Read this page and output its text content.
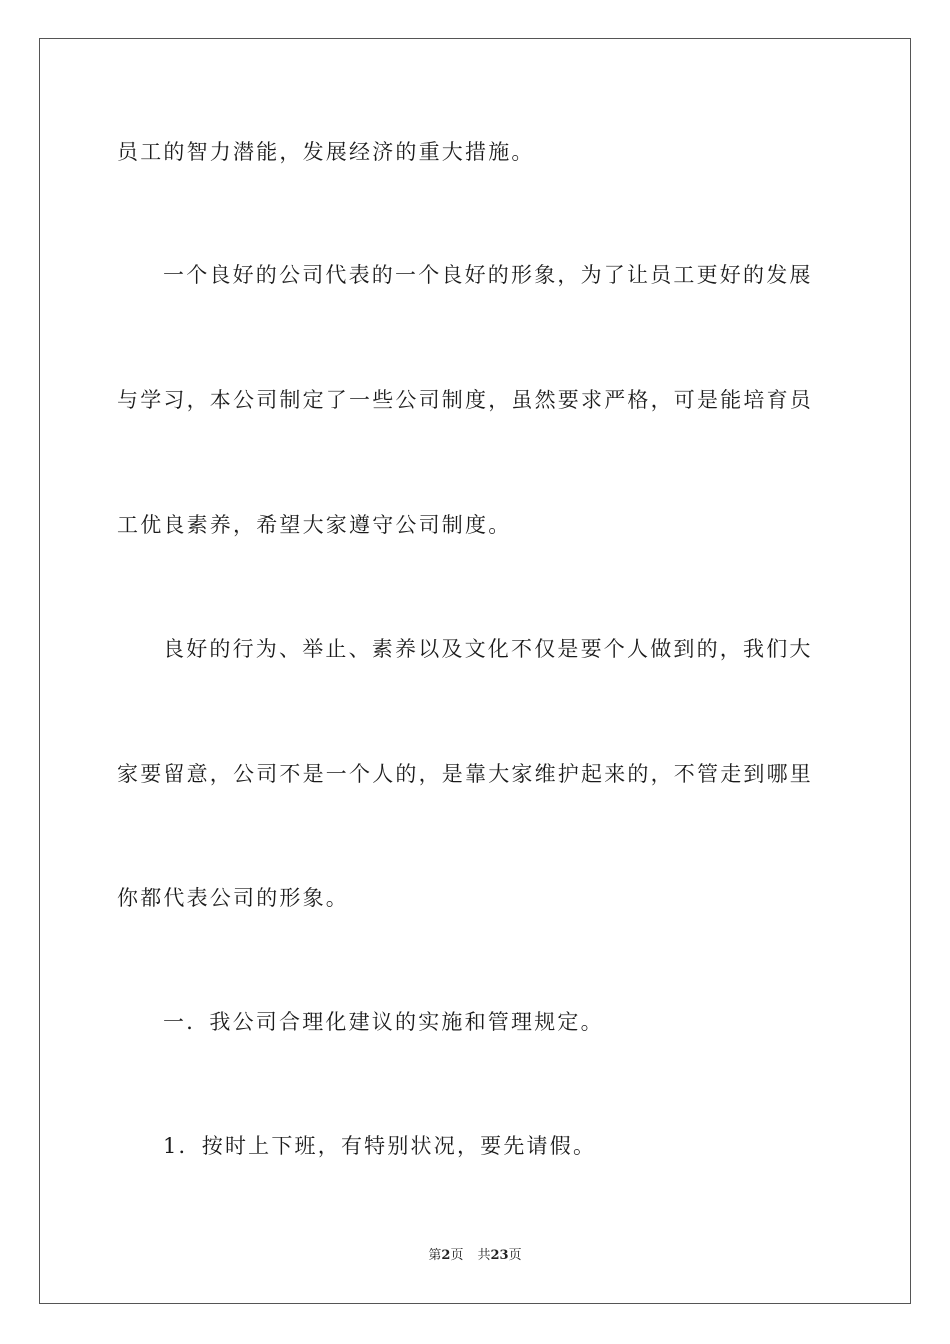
员工的智力潜能，发展经济的重大措施。
一个良好的公司代表的一个良好的形象，为了让员工更好的发展
与学习，本公司制定了一些公司制度，虽然要求严格，可是能培育员
工优良素养，希望大家遵守公司制度。
良好的行为、举止、素养以及文化不仅是要个人做到的，我们大
家要留意，公司不是一个人的，是靠大家维护起来的，不管走到哪里
你都代表公司的形象。
一．我公司合理化建议的实施和管理规定。
1．按时上下班，有特别状况，要先请假。
第2页 共23页
